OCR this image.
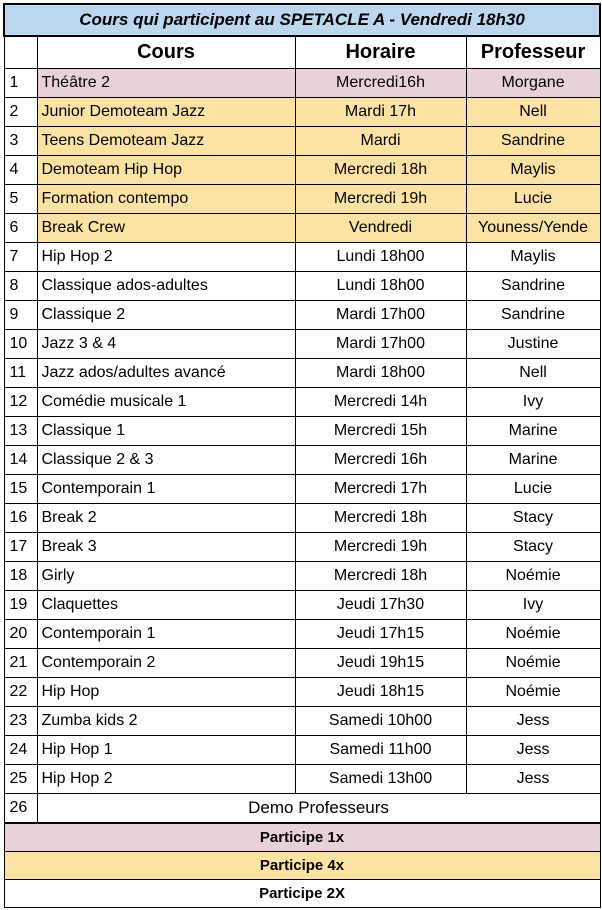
Cours qui participent au SPETACLE A - Vendredi 18h30			
	Cours	Horaire	Professeur
1	Théâtre 2	Mercredi16h	Morgane
2	Junior Demoteam Jazz	Mardi 17h	Nell
3	Teens Demoteam Jazz	Mardi	Sandrine
4	Demoteam Hip Hop	Mercredi 18h	Maylis
5	Formation contempo	Mercredi 19h	Lucie
6	Break Crew	Vendredi	Youness/Yende
7	Hip Hop 2	Lundi 18h00	Maylis
8	Classique ados-adultes	Lundi 18h00	Sandrine
9	Classique 2	Mardi 17h00	Sandrine
10	Jazz 3 & 4	Mardi 17h00	Justine
11	Jazz ados/adultes avancé	Mardi 18h00	Nell
12	Comédie musicale 1	Mercredi 14h	Ivy
13	Classique 1	Mercredi 15h	Marine
14	Classique 2 & 3	Mercredi 16h	Marine
15	Contemporain 1	Mercredi 17h	Lucie
16	Break 2	Mercredi 18h	Stacy
17	Break 3	Mercredi 19h	Stacy
18	Girly	Mercredi 18h	Noémie
19	Claquettes	Jeudi 17h30	Ivy
20	Contemporain 1	Jeudi 17h15	Noémie
21	Contemporain 2	Jeudi 19h15	Noémie
22	Hip Hop	Jeudi 18h15	Noémie
23	Zumba kids 2	Samedi 10h00	Jess
24	Hip Hop 1	Samedi 11h00	Jess
25	Hip Hop 2	Samedi 13h00	Jess
26	Demo Professeurs		
Participe 1x			
Participe 4x			
Participe 2X			
